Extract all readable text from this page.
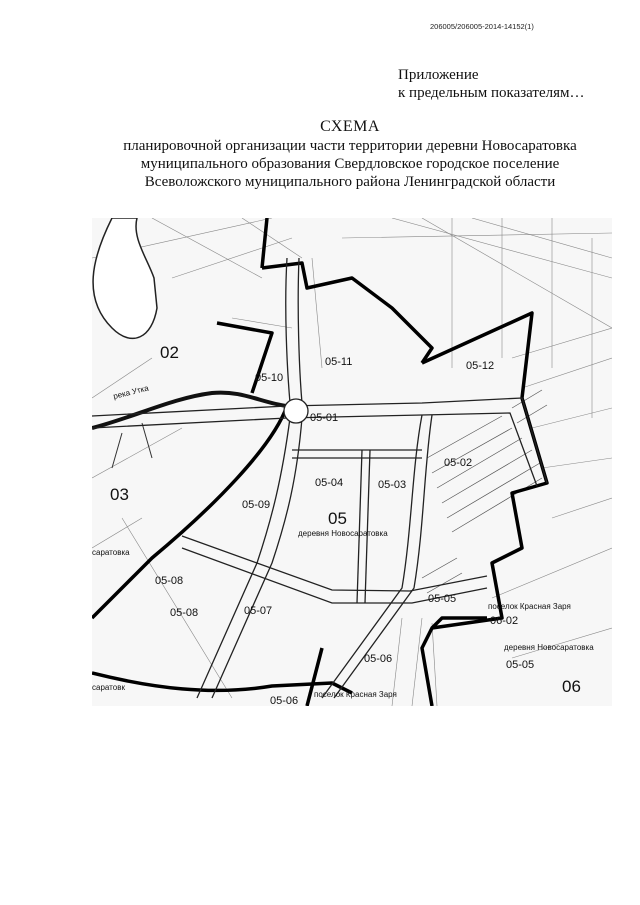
206005/206005-2014-14152(1)
Приложение
к предельным показателям…
СХЕМА
планировочной организации части территории деревни Новосаратовка
муниципального образования Свердловское городское поселение
Всеволожского муниципального района Ленинградской области
02
03
05
06
05-11
05-10
05-12
05-01
05-02
05-04	05-03
05-09
05-08
05-08	05-07
05-05
05-06
05-06
05-05
06-02
река Утка
деревня Новосаратовка
поселок Красная Заря
деревня Новосаратовка
поселок Красная Заря
саратовка
саратовк
